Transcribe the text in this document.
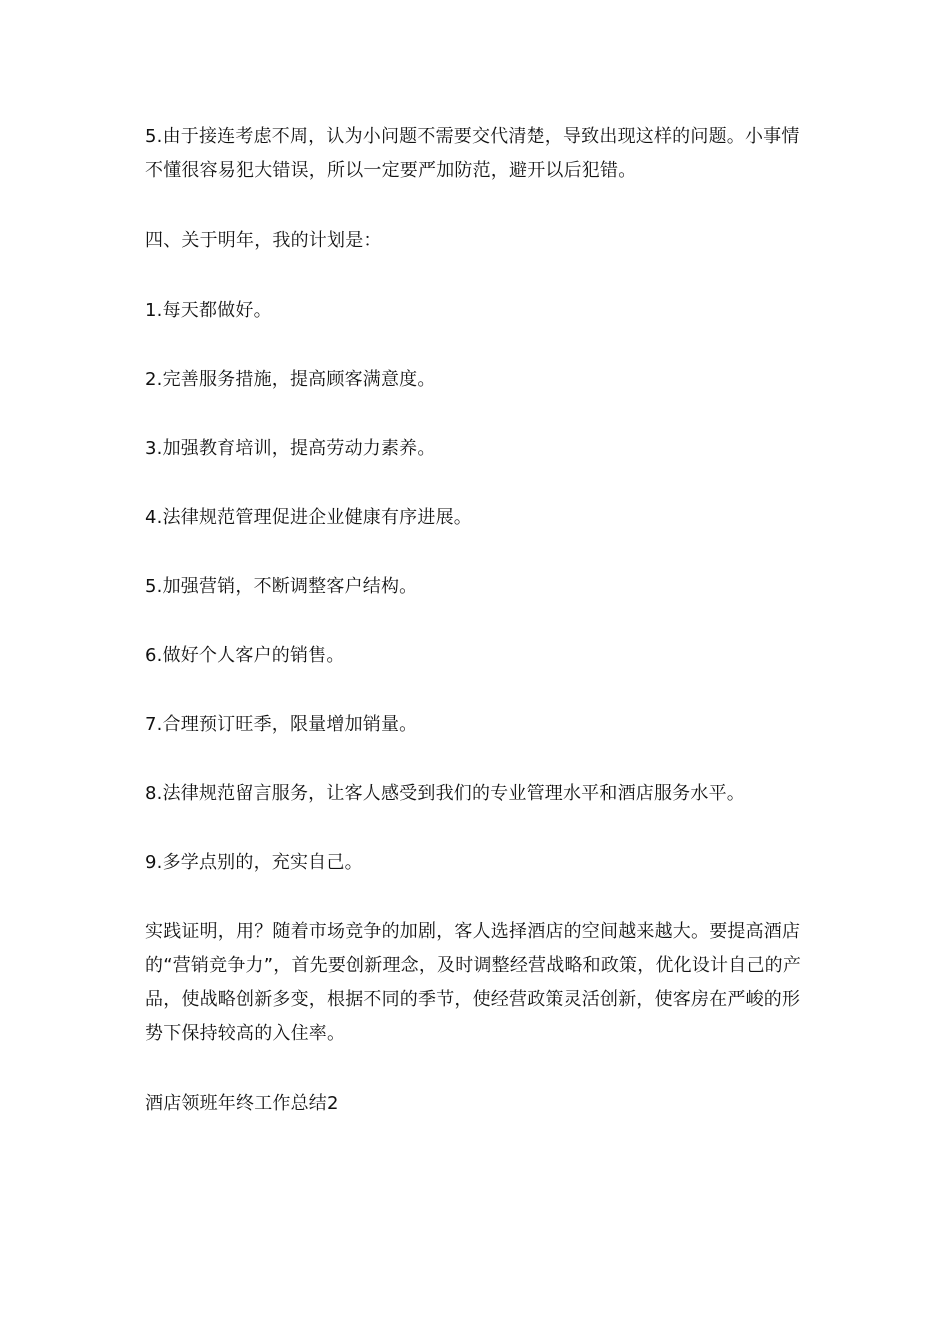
5.由于接连考虑不周，认为小问题不需要交代清楚，导致出现这样的问题。小事情不懂很容易犯大错误，所以一定要严加防范，避开以后犯错。

四、关于明年，我的计划是：

1.每天都做好。

2.完善服务措施，提高顾客满意度。

3.加强教育培训，提高劳动力素养。

4.法律规范管理促进企业健康有序进展。

5.加强营销，不断调整客户结构。

6.做好个人客户的销售。

7.合理预订旺季，限量增加销量。

8.法律规范留言服务，让客人感受到我们的专业管理水平和酒店服务水平。

9.多学点别的，充实自己。

实践证明，用？随着市场竞争的加剧，客人选择酒店的空间越来越大。要提高酒店的“营销竞争力”，首先要创新理念，及时调整经营战略和政策，优化设计自己的产品，使战略创新多变，根据不同的季节，使经营政策灵活创新，使客房在严峻的形势下保持较高的入住率。

酒店领班年终工作总结2
